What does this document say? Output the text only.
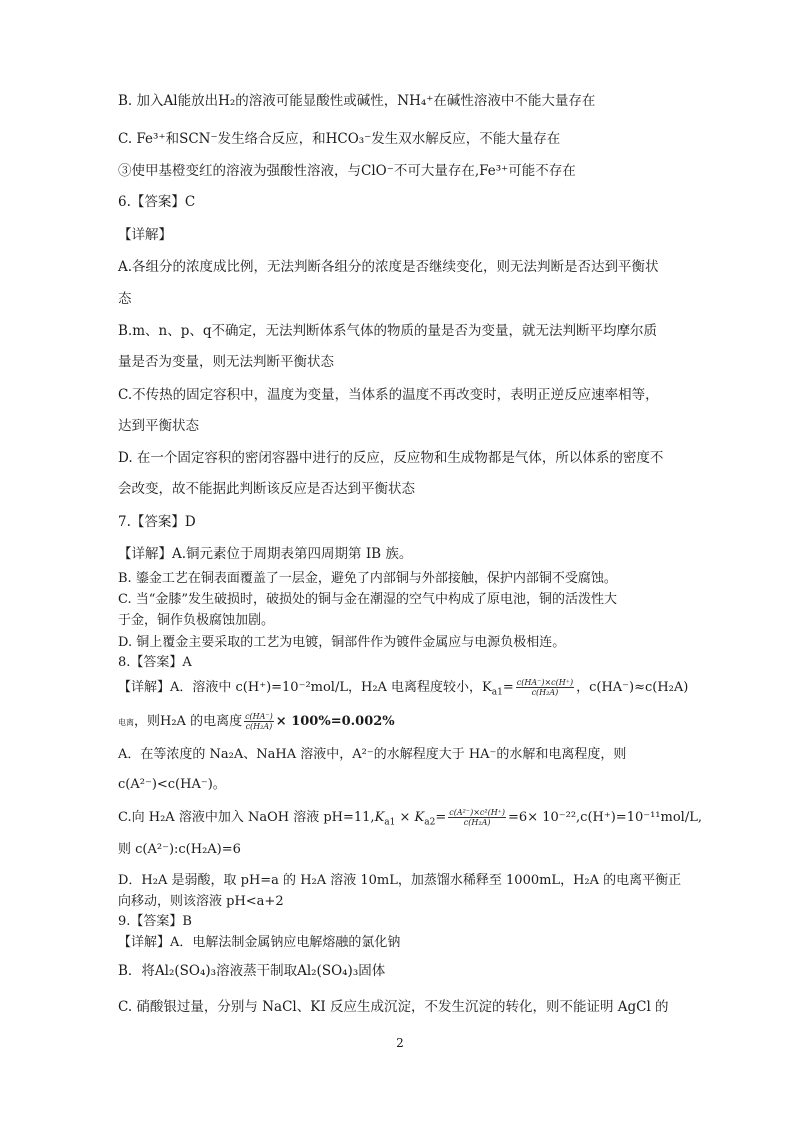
B. 加入Al能放出H₂的溶液可能显酸性或碱性，NH₄⁺在碱性溶液中不能大量存在
C. Fe³⁺和SCN⁻发生络合反应，和HCO₃⁻发生双水解反应，不能大量存在
③使甲基橙变红的溶液为强酸性溶液，与ClO⁻不可大量存在,Fe³⁺可能不存在
6.【答案】C
【详解】
A.各组分的浓度成比例，无法判断各组分的浓度是否继续变化，则无法判断是否达到平衡状
态
B.m、n、p、q不确定，无法判断体系气体的物质的量是否为变量，就无法判断平均摩尔质
量是否为变量，则无法判断平衡状态
C.不传热的固定容积中，温度为变量，当体系的温度不再改变时，表明正逆反应速率相等，
达到平衡状态
D. 在一个固定容积的密闭容器中进行的反应，反应物和生成物都是气体，所以体系的密度不
会改变，故不能据此判断该反应是否达到平衡状态
7.【答案】D
【详解】A.铜元素位于周期表第四周期第 IB 族。
B. 鎏金工艺在铜表面覆盖了一层金，避免了内部铜与外部接触，保护内部铜不受腐蚀。
C. 当“金膝”发生破损时，破损处的铜与金在潮湿的空气中构成了原电池，铜的活泼性大
于金，铜作负极腐蚀加剧。
D. 铜上覆金主要采取的工艺为电镀，铜部件作为镀件金属应与电源负极相连。
8.【答案】A
【详解】A．溶液中 c(H⁺)=10⁻²mol/L，H₂A 电离程度较小，$K_{a1}= \frac{c(HA^-)\times c(H^+)}{\text{c(H₂A)}}$ ，c(HA⁻)≈c(H₂A)
电离，则H₂A 的电离度 $\frac{c(HA^-)}{\text{c(H₂A)}} \times 100\%=0.002\%$
A．在等浓度的 Na₂A、NaHA 溶液中，A²⁻的水解程度大于 HA⁻的水解和电离程度，则
c(A²⁻)<c(HA⁻)。
C.向 H₂A 溶液中加入 NaOH 溶液 $pH=11,K_{a1} \times K_{a2}= \frac{\text{c(A²⁻)×c²(H⁺)}}{\text{c(H₂A)}} =6\times 10^{-22},c(H^+)=10^{-11}mol/L$,
则 c(A²⁻):c(H₂A)=6
D．H₂A 是弱酸，取 pH=a 的 H₂A 溶液 10mL，加蒸馏水稀释至 1000mL，H₂A 的电离平衡正
向移动，则该溶液 pH<a+2
9.【答案】B
【详解】A．电解法制金属钠应电解熔融的氯化钠
B．将Al₂(SO₄)₃溶液蒸干制取Al₂(SO₄)₃固体
C. 硝酸银过量，分别与 NaCl、KI 反应生成沉淀，不发生沉淀的转化，则不能证明 AgCl 的
2
